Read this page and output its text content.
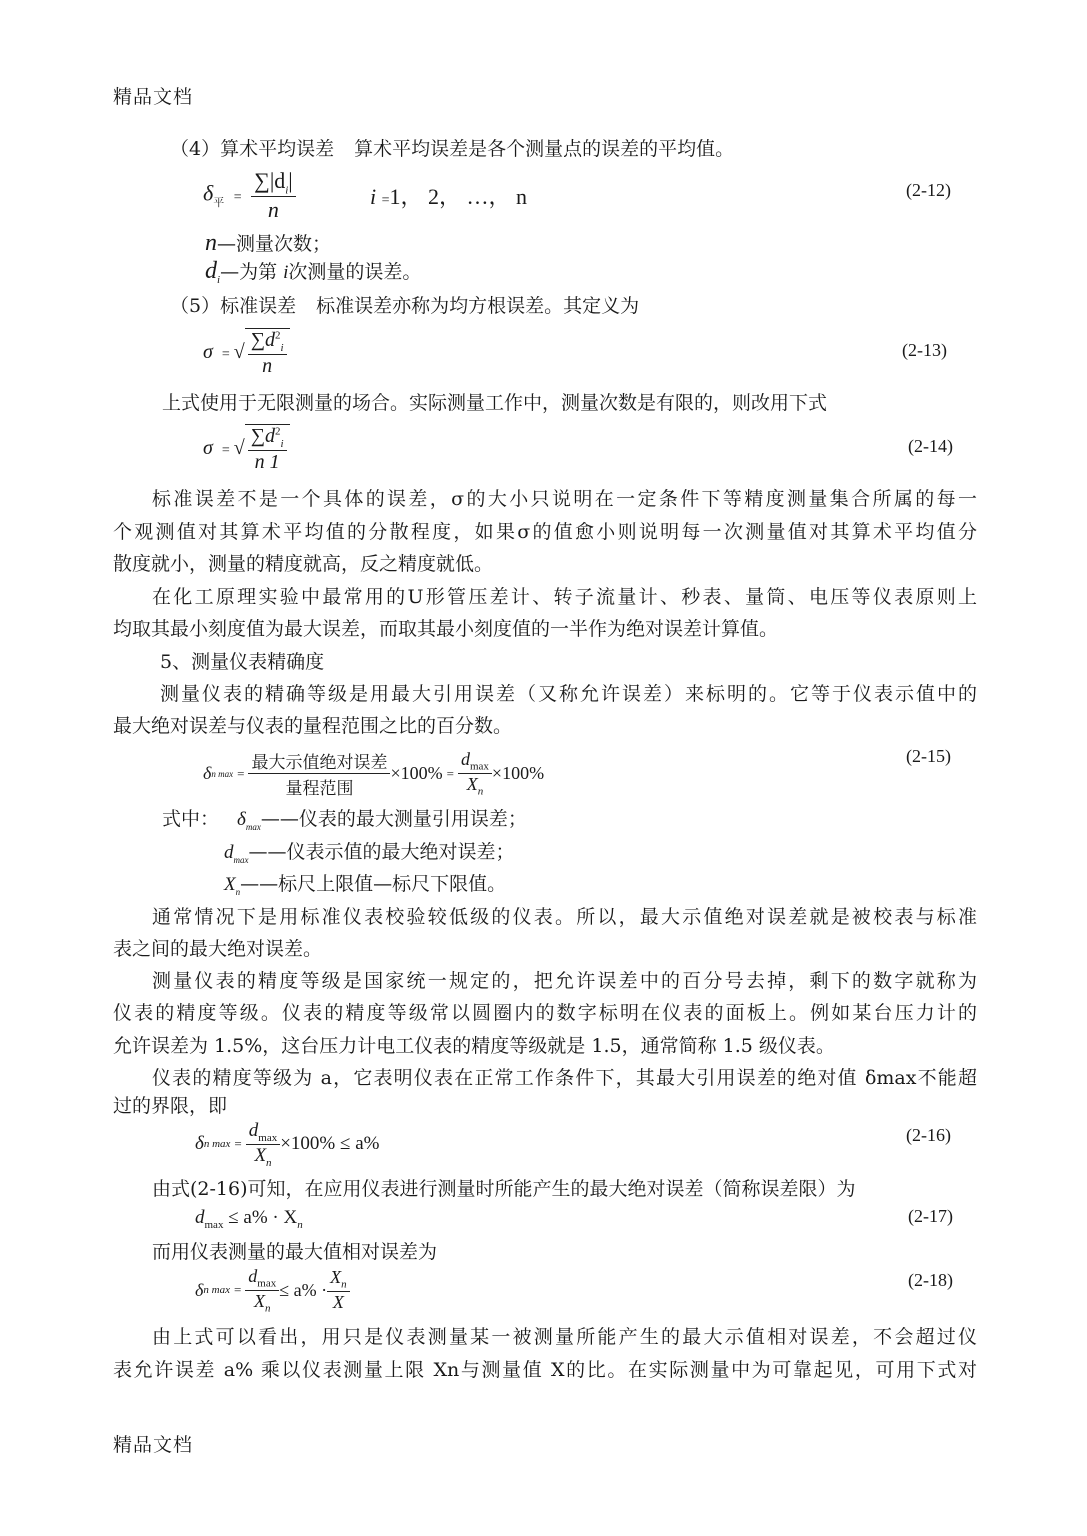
精品文档
（4）算术平均误差 算术平均误差是各个测量点的误差的平均值。
$\delta_平 = \frac{\sum|d_i|}{n}$	i =1， 2， …， n	(2-12)
n—测量次数；
$d_i—$为第 i次测量的误差。
（5）标准误差 标准误差亦称为均方根误差。其定义为
σ = √ $\frac{\sum d^2_i}{n}$	(2-13)
上式使用于无限测量的场合。实际测量工作中，测量次数是有限的，则改用下式
σ = √ $\frac{\sum d^2_i}{n 1}$	(2-14)
标准误差不是一个具体的误差，σ的大小只说明在一定条件下等精度测量集合所属的每一
个观测值对其算术平均值的分散程度，如果σ的值愈小则说明每一次测量值对其算术平均值分
散度就小，测量的精度就高，反之精度就低。
在化工原理实验中最常用的U形管压差计、转子流量计、秒表、量筒、电压等仪表原则上
均取其最小刻度值为最大误差，而取其最小刻度值的一半作为绝对误差计算值。
5、测量仪表精确度
测量仪表的精确等级是用最大引用误差（又称允许误差）来标明的。它等于仪表示值中的
最大绝对误差与仪表的量程范围之比的百分数。
δ n $\max = \frac{\text{最大示值绝对误差}}{\text{量程范围}} \times 100\% = \frac{d_{max}}{X_n} \times 100\%$
(2-15)
式中： $\delta_{max}——$仪表的最大测量引用误差；
$d_{max}——$仪表示值的最大绝对误差；
$X_n——$标尺上限值—标尺下限值。
通常情况下是用标准仪表校验较低级的仪表。所以，最大示值绝对误差就是被校表与标准
表之间的最大绝对误差。
测量仪表的精度等级是国家统一规定的，把允许误差中的百分号去掉，剩下的数字就称为
仪表的精度等级。仪表的精度等级常以圆圈内的数字标明在仪表的面板上。例如某台压力计的
允许误差为 1.5%，这台压力计电工仪表的精度等级就是 1.5，通常简称 1.5 级仪表。
仪表的精度等级为 a，它表明仪表在正常工作条件下，其最大引用误差的绝对值 δmax不能超
过的界限，即
δ n $\max = \frac{d_{max}}{X_n} \times 100\% \le a\%$	(2-16)
由式(2-16)可知，在应用仪表进行测量时所能产生的最大绝对误差（简称误差限）为
$d_{max} \le a\% \cdot X_n$	(2-17)
而用仪表测量的最大值相对误差为
δ n $\max = \frac{d_{max}}{X_n} \le a\% \cdot \frac{X_n}{X}$	(2-18)
由上式可以看出，用只是仪表测量某一被测量所能产生的最大示值相对误差，不会超过仪
表允许误差 a% 乘以仪表测量上限 Xn与测量值 X的比。在实际测量中为可靠起见，可用下式对
精品文档
